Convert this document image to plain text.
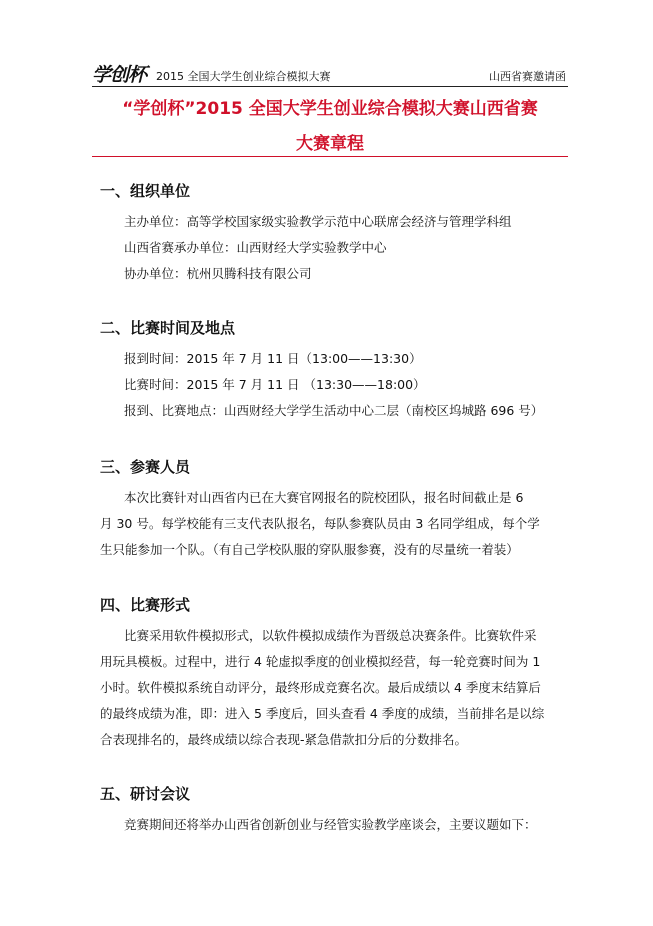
学创杯 2015 全国大学生创业综合模拟大赛	山西省赛邀请函
“学创杯”2015 全国大学生创业综合模拟大赛山西省赛
大赛章程
一、组织单位
主办单位：高等学校国家级实验教学示范中心联席会经济与管理学科组
山西省赛承办单位：山西财经大学实验教学中心
协办单位：杭州贝腾科技有限公司
二、比赛时间及地点
报到时间：2015 年 7 月 11 日（13:00——13:30）
比赛时间：2015 年 7 月 11 日 （13:30——18:00）
报到、比赛地点：山西财经大学学生活动中心二层（南校区坞城路 696 号）
三、参赛人员
本次比赛针对山西省内已在大赛官网报名的院校团队，报名时间截止是 6
月 30 号。每学校能有三支代表队报名，每队参赛队员由 3 名同学组成，每个学
生只能参加一个队。（有自己学校队服的穿队服参赛，没有的尽量统一着装）
四、比赛形式
比赛采用软件模拟形式，以软件模拟成绩作为晋级总决赛条件。比赛软件采
用玩具模板。过程中，进行 4 轮虚拟季度的创业模拟经营，每一轮竞赛时间为 1
小时。软件模拟系统自动评分，最终形成竞赛名次。最后成绩以 4 季度末结算后
的最终成绩为准，即：进入 5 季度后，回头查看 4 季度的成绩，当前排名是以综
合表现排名的，最终成绩以综合表现-紧急借款扣分后的分数排名。
五、研讨会议
竞赛期间还将举办山西省创新创业与经管实验教学座谈会，主要议题如下：
